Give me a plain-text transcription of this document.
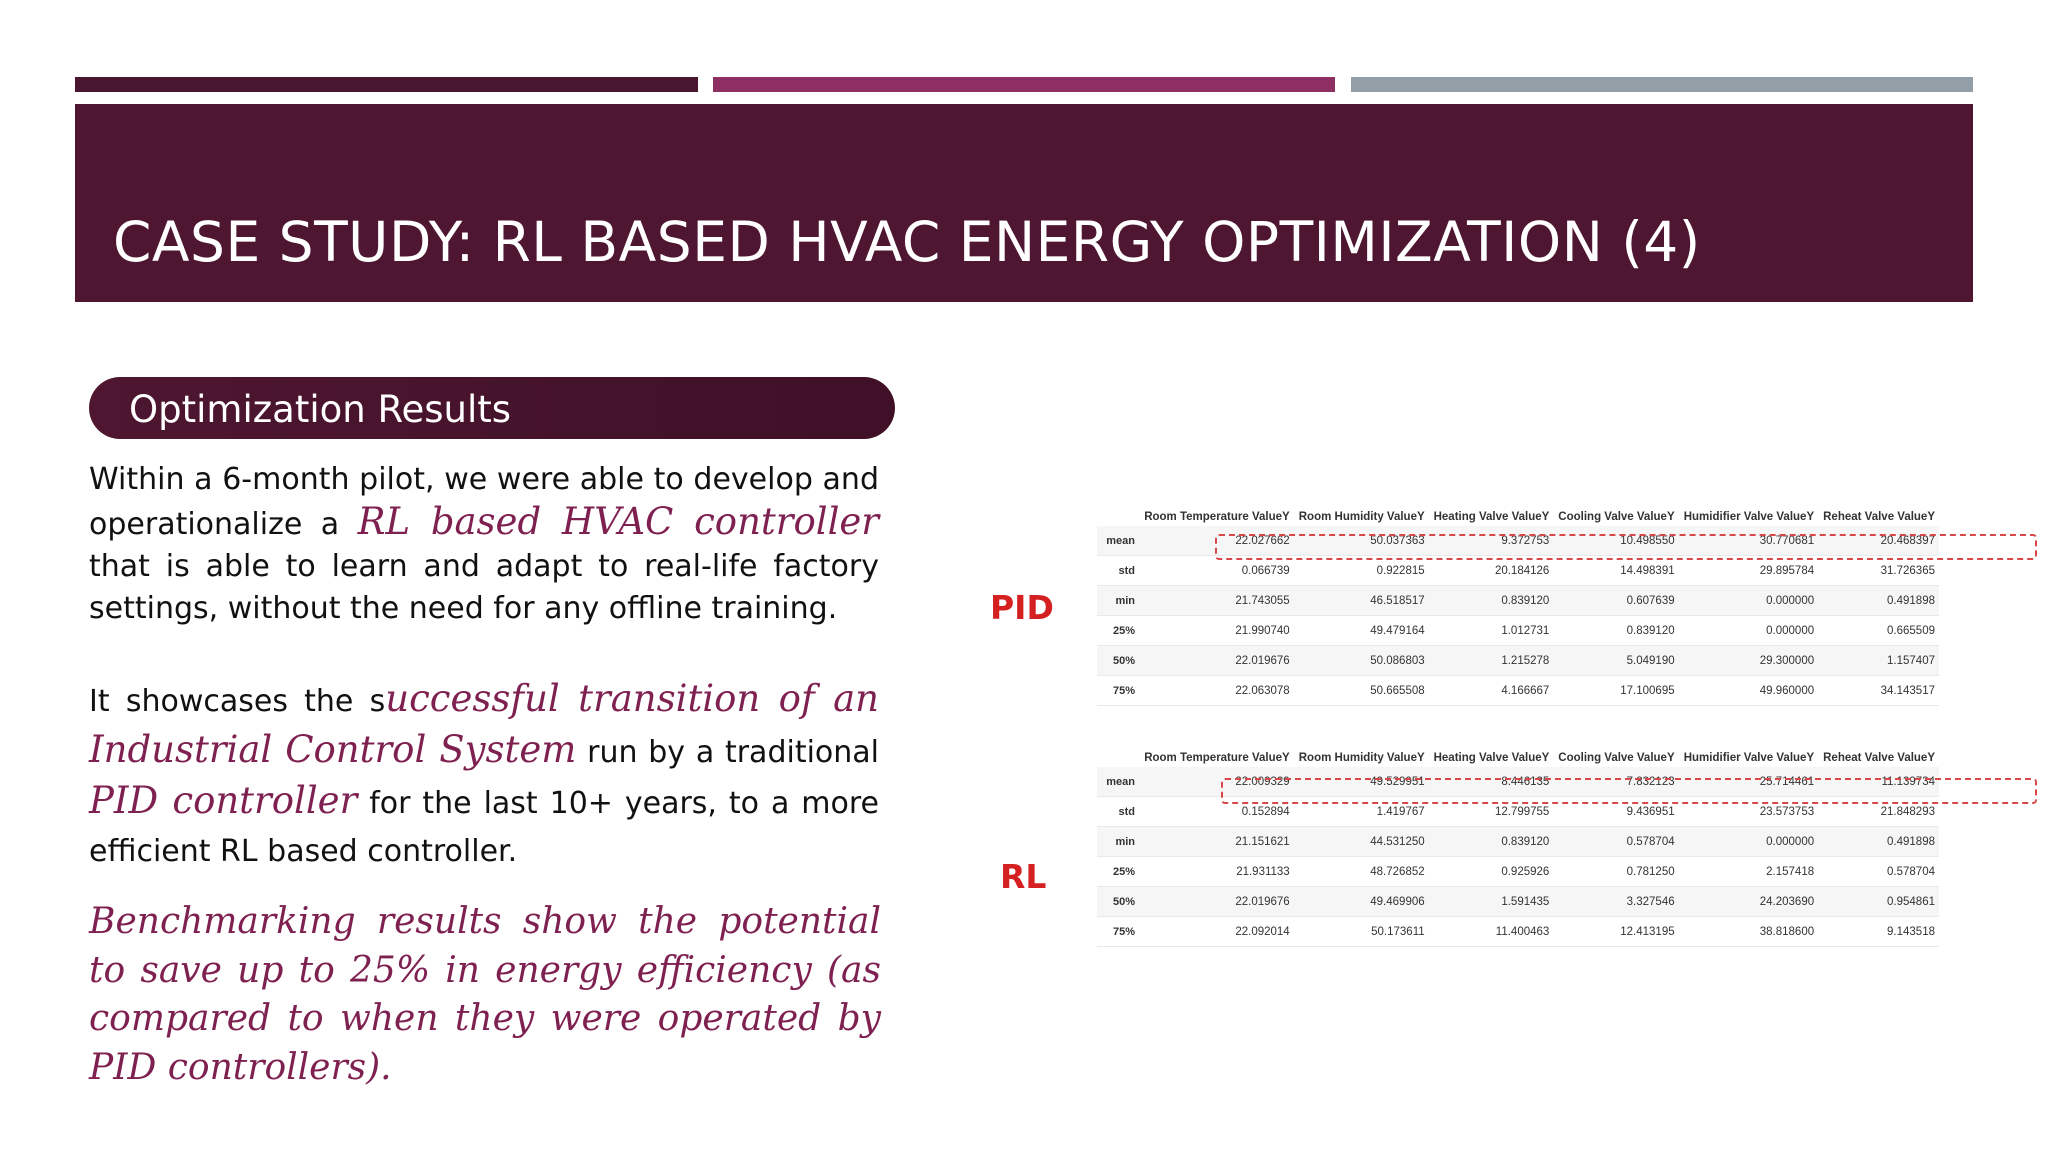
CASE STUDY: RL BASED HVAC ENERGY OPTIMIZATION (4)
Optimization Results

Within a 6-month pilot, we were able to develop and operationalize a RL based HVAC controller that is able to learn and adapt to real-life factory settings, without the need for any offline training.

It showcases the successful transition of an Industrial Control System run by a traditional PID controller for the last 10+ years, to a more efficient RL based controller.

Benchmarking results show the potential to save up to 25% in energy efficiency (as compared to when they were operated by PID controllers).

PID
RL
	Room Temperature ValueY	Room Humidity ValueY	Heating Valve ValueY	Cooling Valve ValueY	Humidifier Valve ValueY	Reheat Valve ValueY
mean	22.027662	50.037363	9.372753	10.498550	30.770681	20.468397
std	0.066739	0.922815	20.184126	14.498391	29.895784	31.726365
min	21.743055	46.518517	0.839120	0.607639	0.000000	0.491898
25%	21.990740	49.479164	1.012731	0.839120	0.000000	0.665509
50%	22.019676	50.086803	1.215278	5.049190	29.300000	1.157407
75%	22.063078	50.665508	4.166667	17.100695	49.960000	34.143517
	Room Temperature ValueY	Room Humidity ValueY	Heating Valve ValueY	Cooling Valve ValueY	Humidifier Valve ValueY	Reheat Valve ValueY
mean	22.009329	49.529951	8.446135	7.832123	25.714461	11.139734
std	0.152894	1.419767	12.799755	9.436951	23.573753	21.848293
min	21.151621	44.531250	0.839120	0.578704	0.000000	0.491898
25%	21.931133	48.726852	0.925926	0.781250	2.157418	0.578704
50%	22.019676	49.469906	1.591435	3.327546	24.203690	0.954861
75%	22.092014	50.173611	11.400463	12.413195	38.818600	9.143518
